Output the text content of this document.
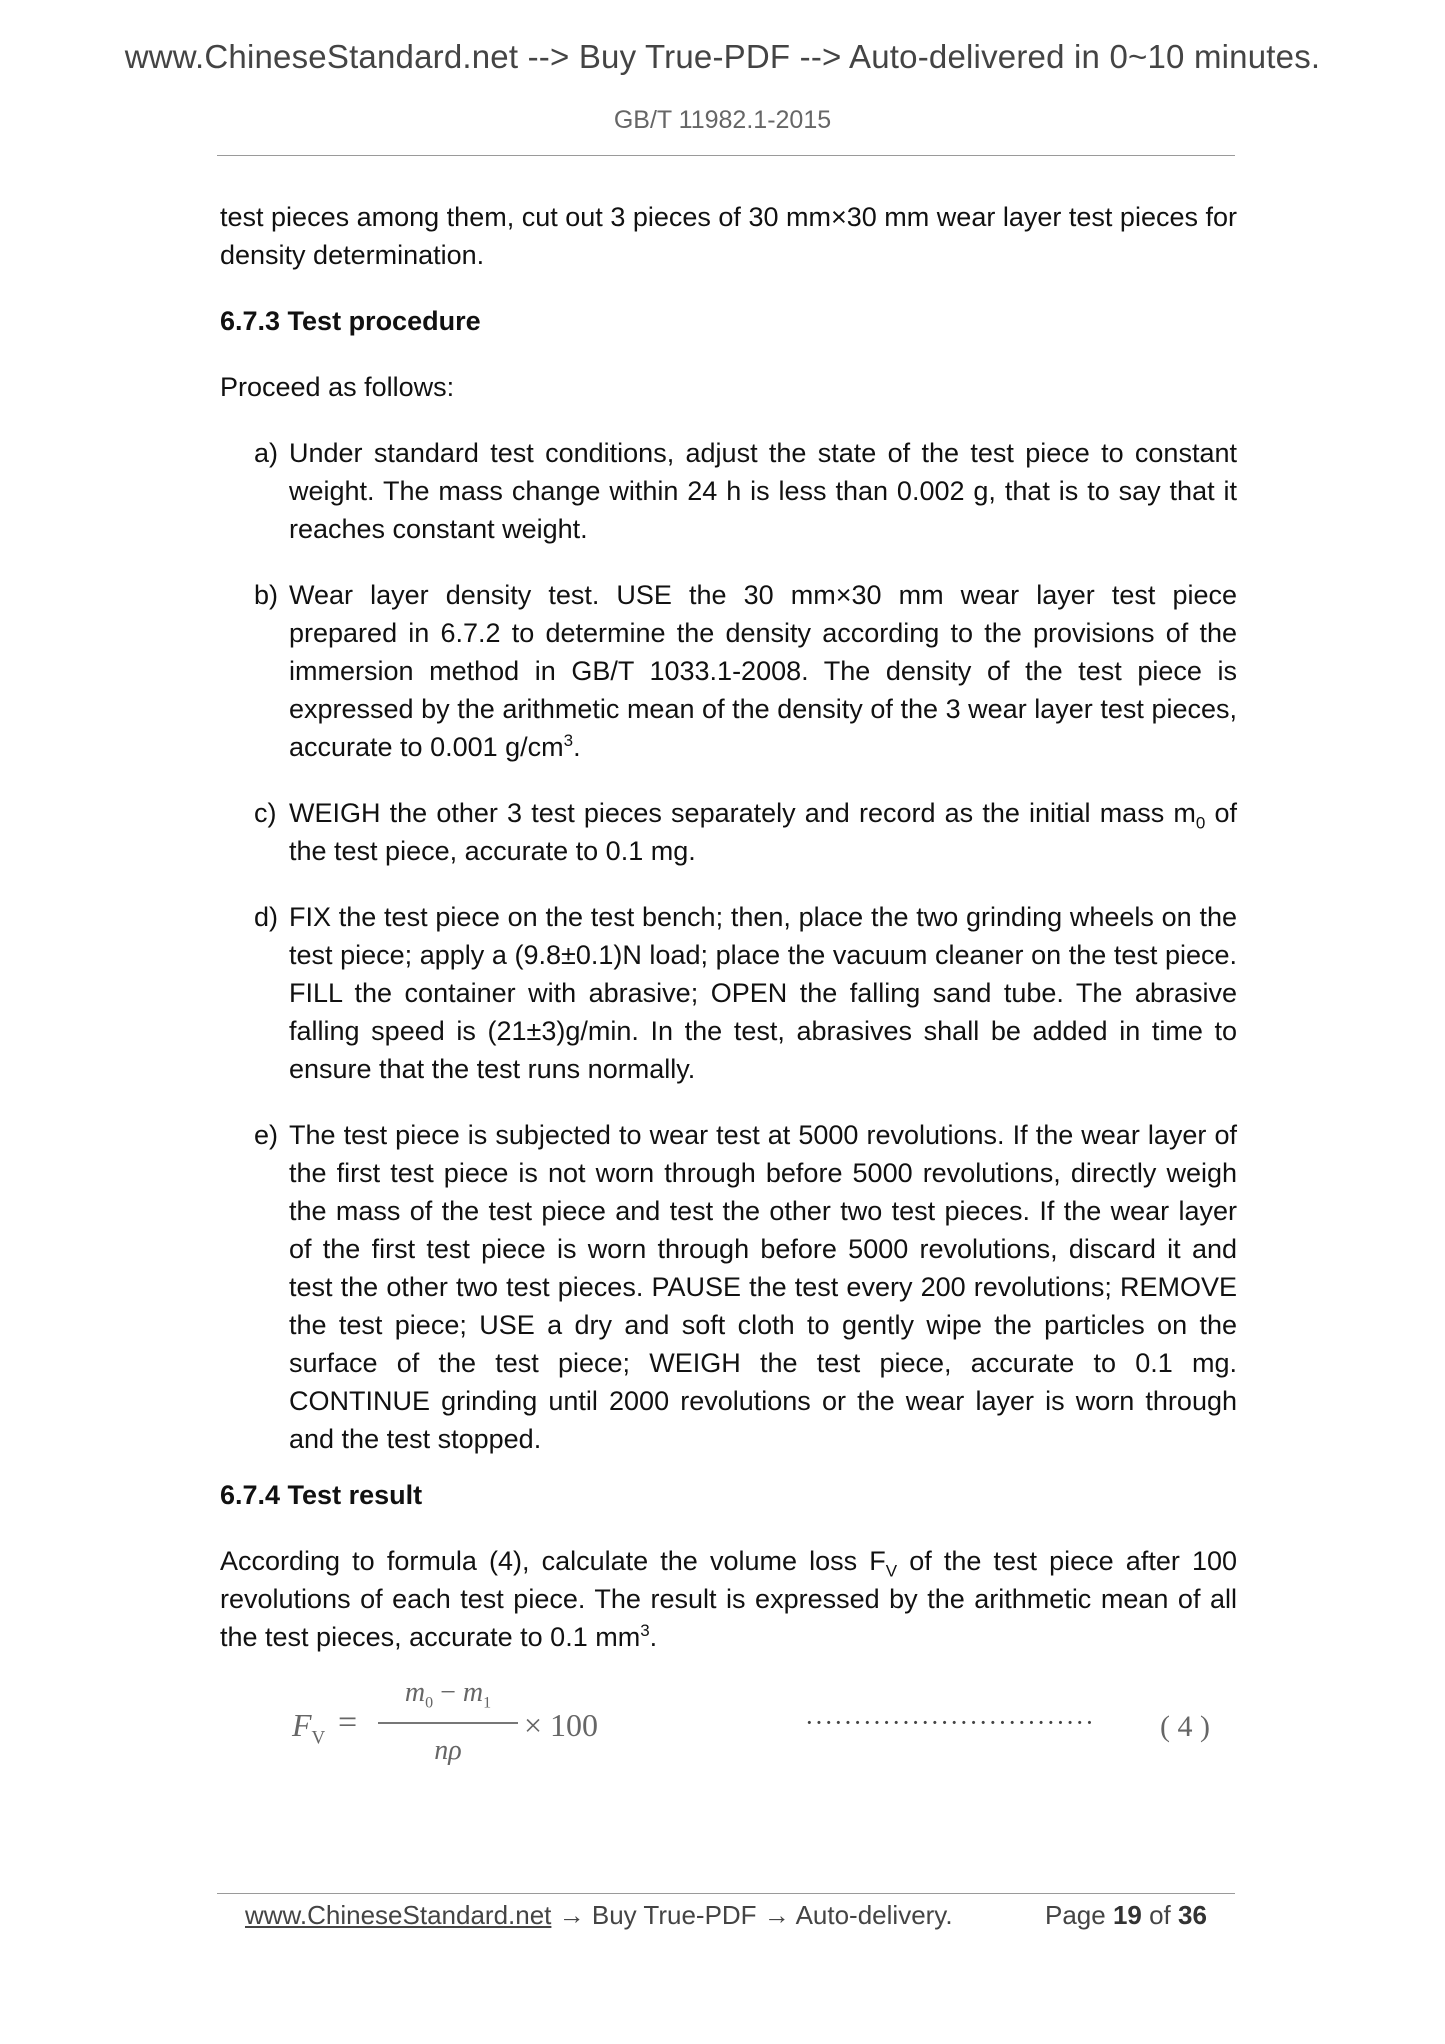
www.ChineseStandard.net --> Buy True-PDF --> Auto-delivered in 0~10 minutes.
GB/T 11982.1-2015

test pieces among them, cut out 3 pieces of 30 mm×30 mm wear layer test pieces for density determination.

6.7.3 Test procedure

Proceed as follows:

a) Under standard test conditions, adjust the state of the test piece to constant weight. The mass change within 24 h is less than 0.002 g, that is to say that it reaches constant weight.
b) Wear layer density test. USE the 30 mm×30 mm wear layer test piece prepared in 6.7.2 to determine the density according to the provisions of the immersion method in GB/T 1033.1-2008. The density of the test piece is expressed by the arithmetic mean of the density of the 3 wear layer test pieces, accurate to 0.001 $g/cm^3$.
c) WEIGH the other 3 test pieces separately and record as the initial mass $m_0$ of the test piece, accurate to 0.1 mg.
d) FIX the test piece on the test bench; then, place the two grinding wheels on the test piece; apply a (9.8±0.1)N load; place the vacuum cleaner on the test piece. FILL the container with abrasive; OPEN the falling sand tube. The abrasive falling speed is (21±3)g/min. In the test, abrasives shall be added in time to ensure that the test runs normally.
e) The test piece is subjected to wear test at 5000 revolutions. If the wear layer of the first test piece is not worn through before 5000 revolutions, directly weigh the mass of the test piece and test the other two test pieces. If the wear layer of the first test piece is worn through before 5000 revolutions, discard it and test the other two test pieces. PAUSE the test every 200 revolutions; REMOVE the test piece; USE a dry and soft cloth to gently wipe the particles on the surface of the test piece; WEIGH the test piece, accurate to 0.1 mg. CONTINUE grinding until 2000 revolutions or the wear layer is worn through and the test stopped.
6.7.4 Test result

According to formula (4), calculate the volume loss $F_V$ of the test piece after 100 revolutions of each test piece. The result is expressed by the arithmetic mean of all the test pieces, accurate to 0.1 $mm^3$.

$F_V$ =
$m_0 - m_1$
nρ
× 100	······························ ( 4 )
www.ChineseStandard.net → Buy True-PDF → Auto-delivery.	Page 19 of 36
